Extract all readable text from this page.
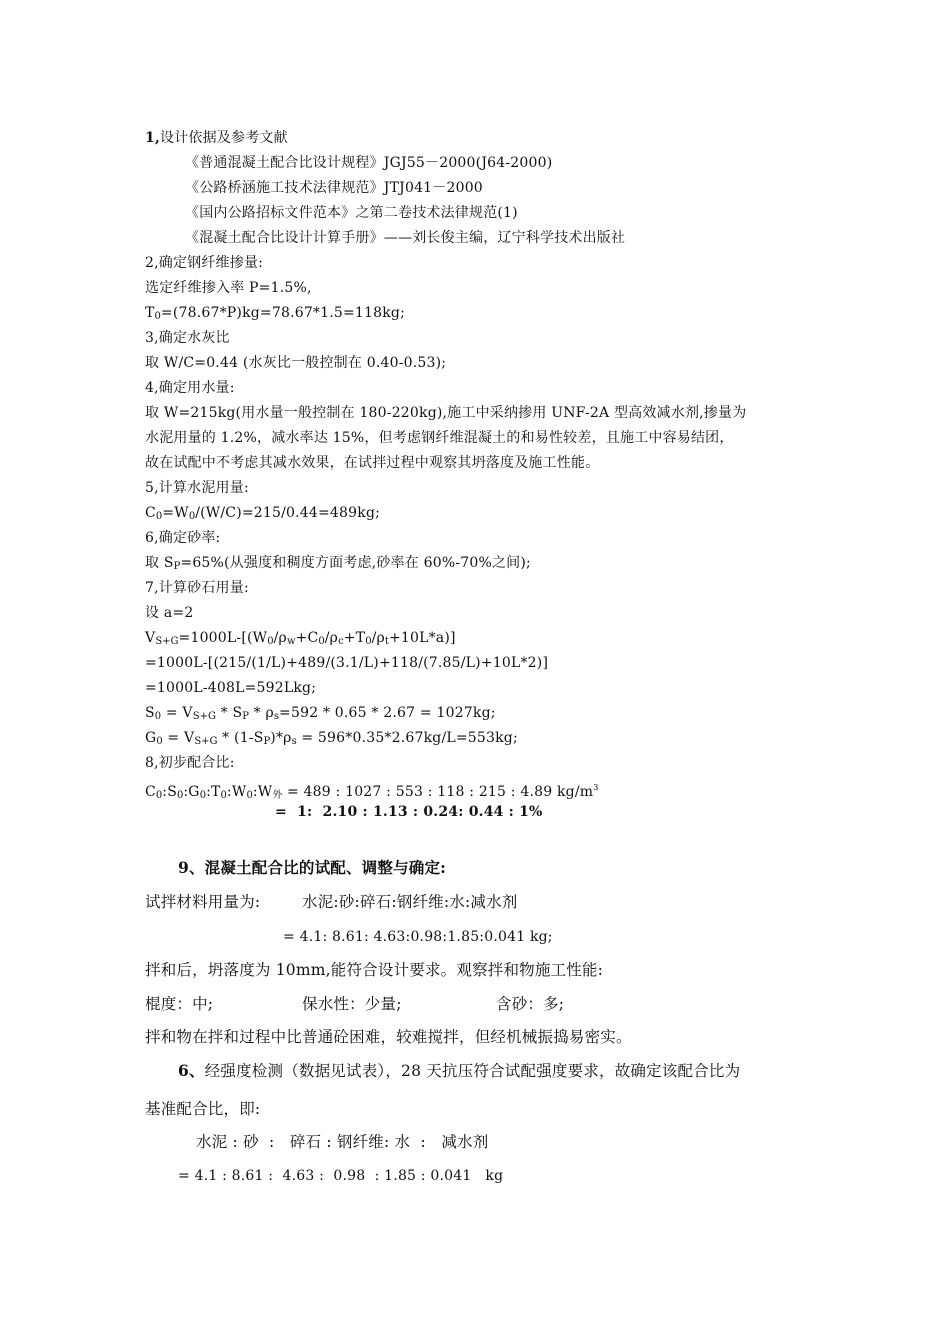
1,设计依据及参考文献
《普通混凝土配合比设计规程》JGJ55－2000(J64-2000)
《公路桥涵施工技术法律规范》JTJ041－2000
《国内公路招标文件范本》之第二卷技术法律规范(1)
《混凝土配合比设计计算手册》——刘长俊主编，辽宁科学技术出版社
2,确定钢纤维掺量:
选定纤维掺入率 P=1.5%,
$T_0=(78.67*P)kg=78.67*1.5=118kg$;
3,确定水灰比
取 W/C=0.44 (水灰比一般控制在 0.40-0.53);
4,确定用水量:
取 W=215kg(用水量一般控制在 180-220kg),施工中采纳掺用 UNF-2A 型高效减水剂,掺量为
水泥用量的 1.2%，减水率达 15%，但考虑钢纤维混凝土的和易性较差，且施工中容易结团，
故在试配中不考虑其减水效果，在试拌过程中观察其坍落度及施工性能。
5,计算水泥用量:
$C_0=W_0/(W/C)=215/0.44=489kg$;
6,确定砂率:
取 $S_P=65\%$(从强度和稠度方面考虑,砂率在 60%-70%之间);
7,计算砂石用量:
设 a=2
$V_{S+G}=1000L-[(W_0/\rho_w+C_0/\rho_c+T_0/\rho_t+10L*a)]$
=1000L-[(215/(1/L)+489/(3.1/L)+118/(7.85/L)+10L*2)]
=1000L-408L=592Lkg;
$S_0 = V_{S+G} * S_P * \rho_s=592 * 0.65 * 2.67 = 1027kg$;
$G_0 = V_{S+G} * (1-S_P)*\rho_s = 596*0.35*2.67kg/L=553kg$;
8,初步配合比:
$C_0:S_0:G_0:T_0:W_0:W_外 = 489$ : 1027 : 553 : 118 : 215 : 4.89 $kg/m^3$
=  1:  2.10 : 1.13 : 0.24: 0.44 : 1%
9、混凝土配合比的试配、调整与确定:
试拌材料用量为:	水泥:砂:碎石:钢纤维:水:减水剂
= 4.1: 8.61: 4.63:0.98:1.85:0.041 kg;
拌和后，坍落度为 10mm,能符合设计要求。观察拌和物施工性能:
棍度：中;	保水性：少量;	含砂：多;
拌和物在拌和过程中比普通砼困难，较难搅拌，但经机械振捣易密实。
6、经强度检测（数据见试表），28 天抗压符合试配强度要求，故确定该配合比为
基准配合比，即:
水泥 : 砂  :   碎石 : 钢纤维: 水  :   减水剂
= 4.1 : 8.61 :  4.63 :  0.98  : 1.85 : 0.041   kg
